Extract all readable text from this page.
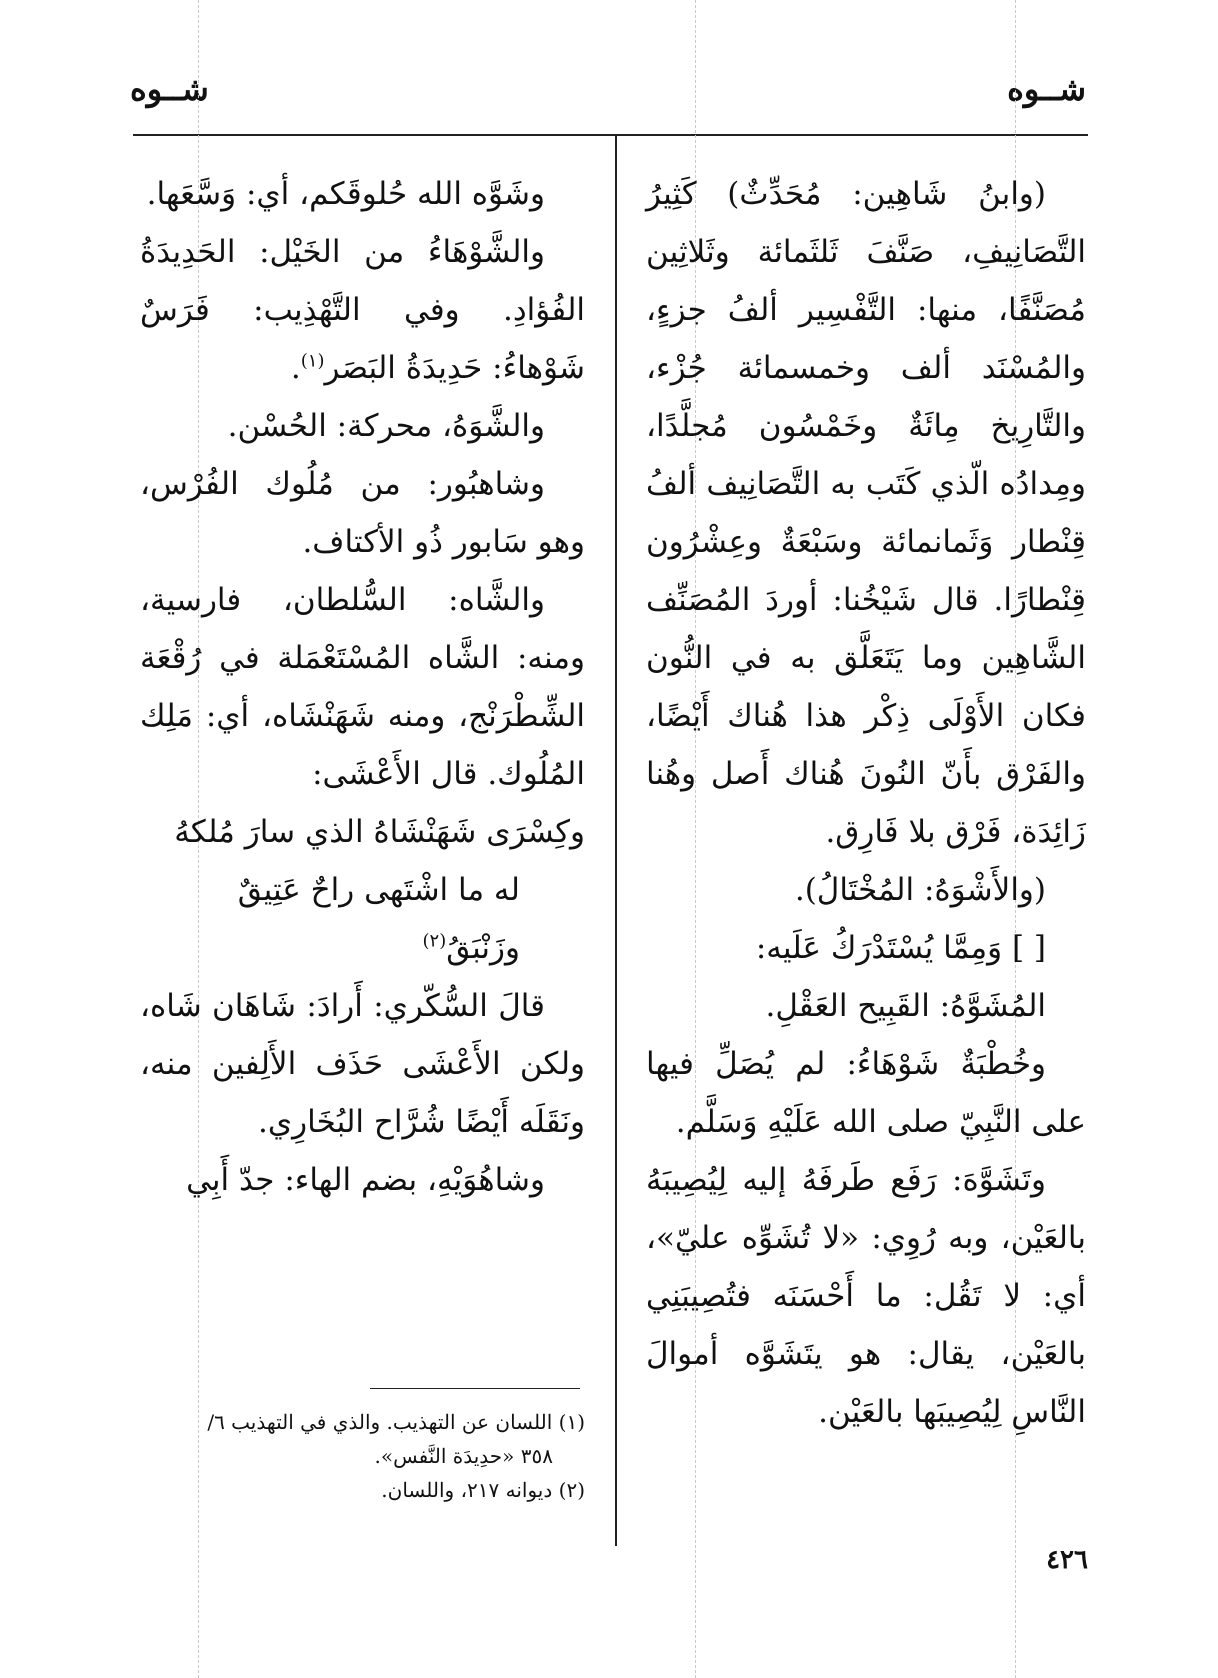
شــوه
شــوه

(وابنُ شَاهِين: مُحَدِّثٌ) كَثِيرُ التَّصَانِيفِ، صَنَّفَ ثَلثَمائة وثَلاثِين مُصَنَّفًا، منها: التَّفْسِير ألفُ جزءٍ، والمُسْنَد ألف وخمسمائة جُزْء، والتَّارِيخ مِائَةٌ وخَمْسُون مُجلَّدًا، ومِدادُه الّذي كَتَب به التَّصَانِيف ألفُ قِنْطار وَثَمانمائة وسَبْعَةٌ وعِشْرُون قِنْطارًا. قال شَيْخُنا: أوردَ المُصَنِّف الشَّاهِين وما يَتَعَلَّق به في النُّون فكان الأَوْلَى ذِكْر هذا هُناك أَيْضًا، والفَرْق بأَنّ النُونَ هُناك أَصل وهُنا زَائِدَة، فَرْق بلا فَارِق.

(والأَشْوَهُ: المُخْتَالُ).

[ ] وَمِمَّا يُسْتَدْرَكُ عَلَيه:

المُشَوَّهُ: القَبِيح العَقْلِ.

وخُطْبَةٌ شَوْهَاءُ: لم يُصَلِّ فيها على النَّبِيّ صلى الله عَلَيْهِ وَسَلَّم.

وتَشَوَّهَ: رَفَع طَرفَهُ إليه لِيُصِيبَهُ بالعَيْن، وبه رُوِي: «لا تُشَوِّه عليّ»، أي: لا تَقُل: ما أَحْسَنَه فتُصِيبَنِي بالعَيْن، يقال: هو يتَشَوَّه أموالَ النَّاسِ لِيُصِيبَها بالعَيْن.

وشَوَّه الله حُلوقَكم، أي: وَسَّعَها.

والشَّوْهَاءُ من الخَيْل: الحَدِيدَةُ الفُؤادِ. وفي التَّهْذِيب: فَرَسٌ شَوْهاءُ: حَدِيدَةُ البَصَر$^{(١)}$.

والشَّوَهُ، محركة: الحُسْن.

وشاهبُور: من مُلُوك الفُرْس، وهو سَابور ذُو الأكتاف.

والشَّاه: السُّلطان، فارسية، ومنه: الشَّاه المُسْتَعْمَلة في رُقْعَة الشِّطْرَنْج، ومنه شَهَنْشَاه، أي: مَلِك المُلُوك. قال الأَعْشَى:

وكِسْرَى شَهَنْشَاهُ الذي سارَ مُلكهُ

له ما اشْتَهى راحٌ عَتِيقٌ وزَنْبَقُ$^{(٢)}$

قالَ السُّكّري: أَرادَ: شَاهَان شَاه، ولكن الأَعْشَى حَذَف الأَلِفين منه، ونَقَلَه أَيْضًا شُرَّاح البُخَارِي.

وشاهُوَيْهِ، بضم الهاء: جدّ أَبِي

(١) اللسان عن التهذيب. والذي في التهذيب ٦/

٣٥٨ «حدِيدَة النَّفس».

(٢) ديوانه ٢١٧، واللسان.

٤٢٦
